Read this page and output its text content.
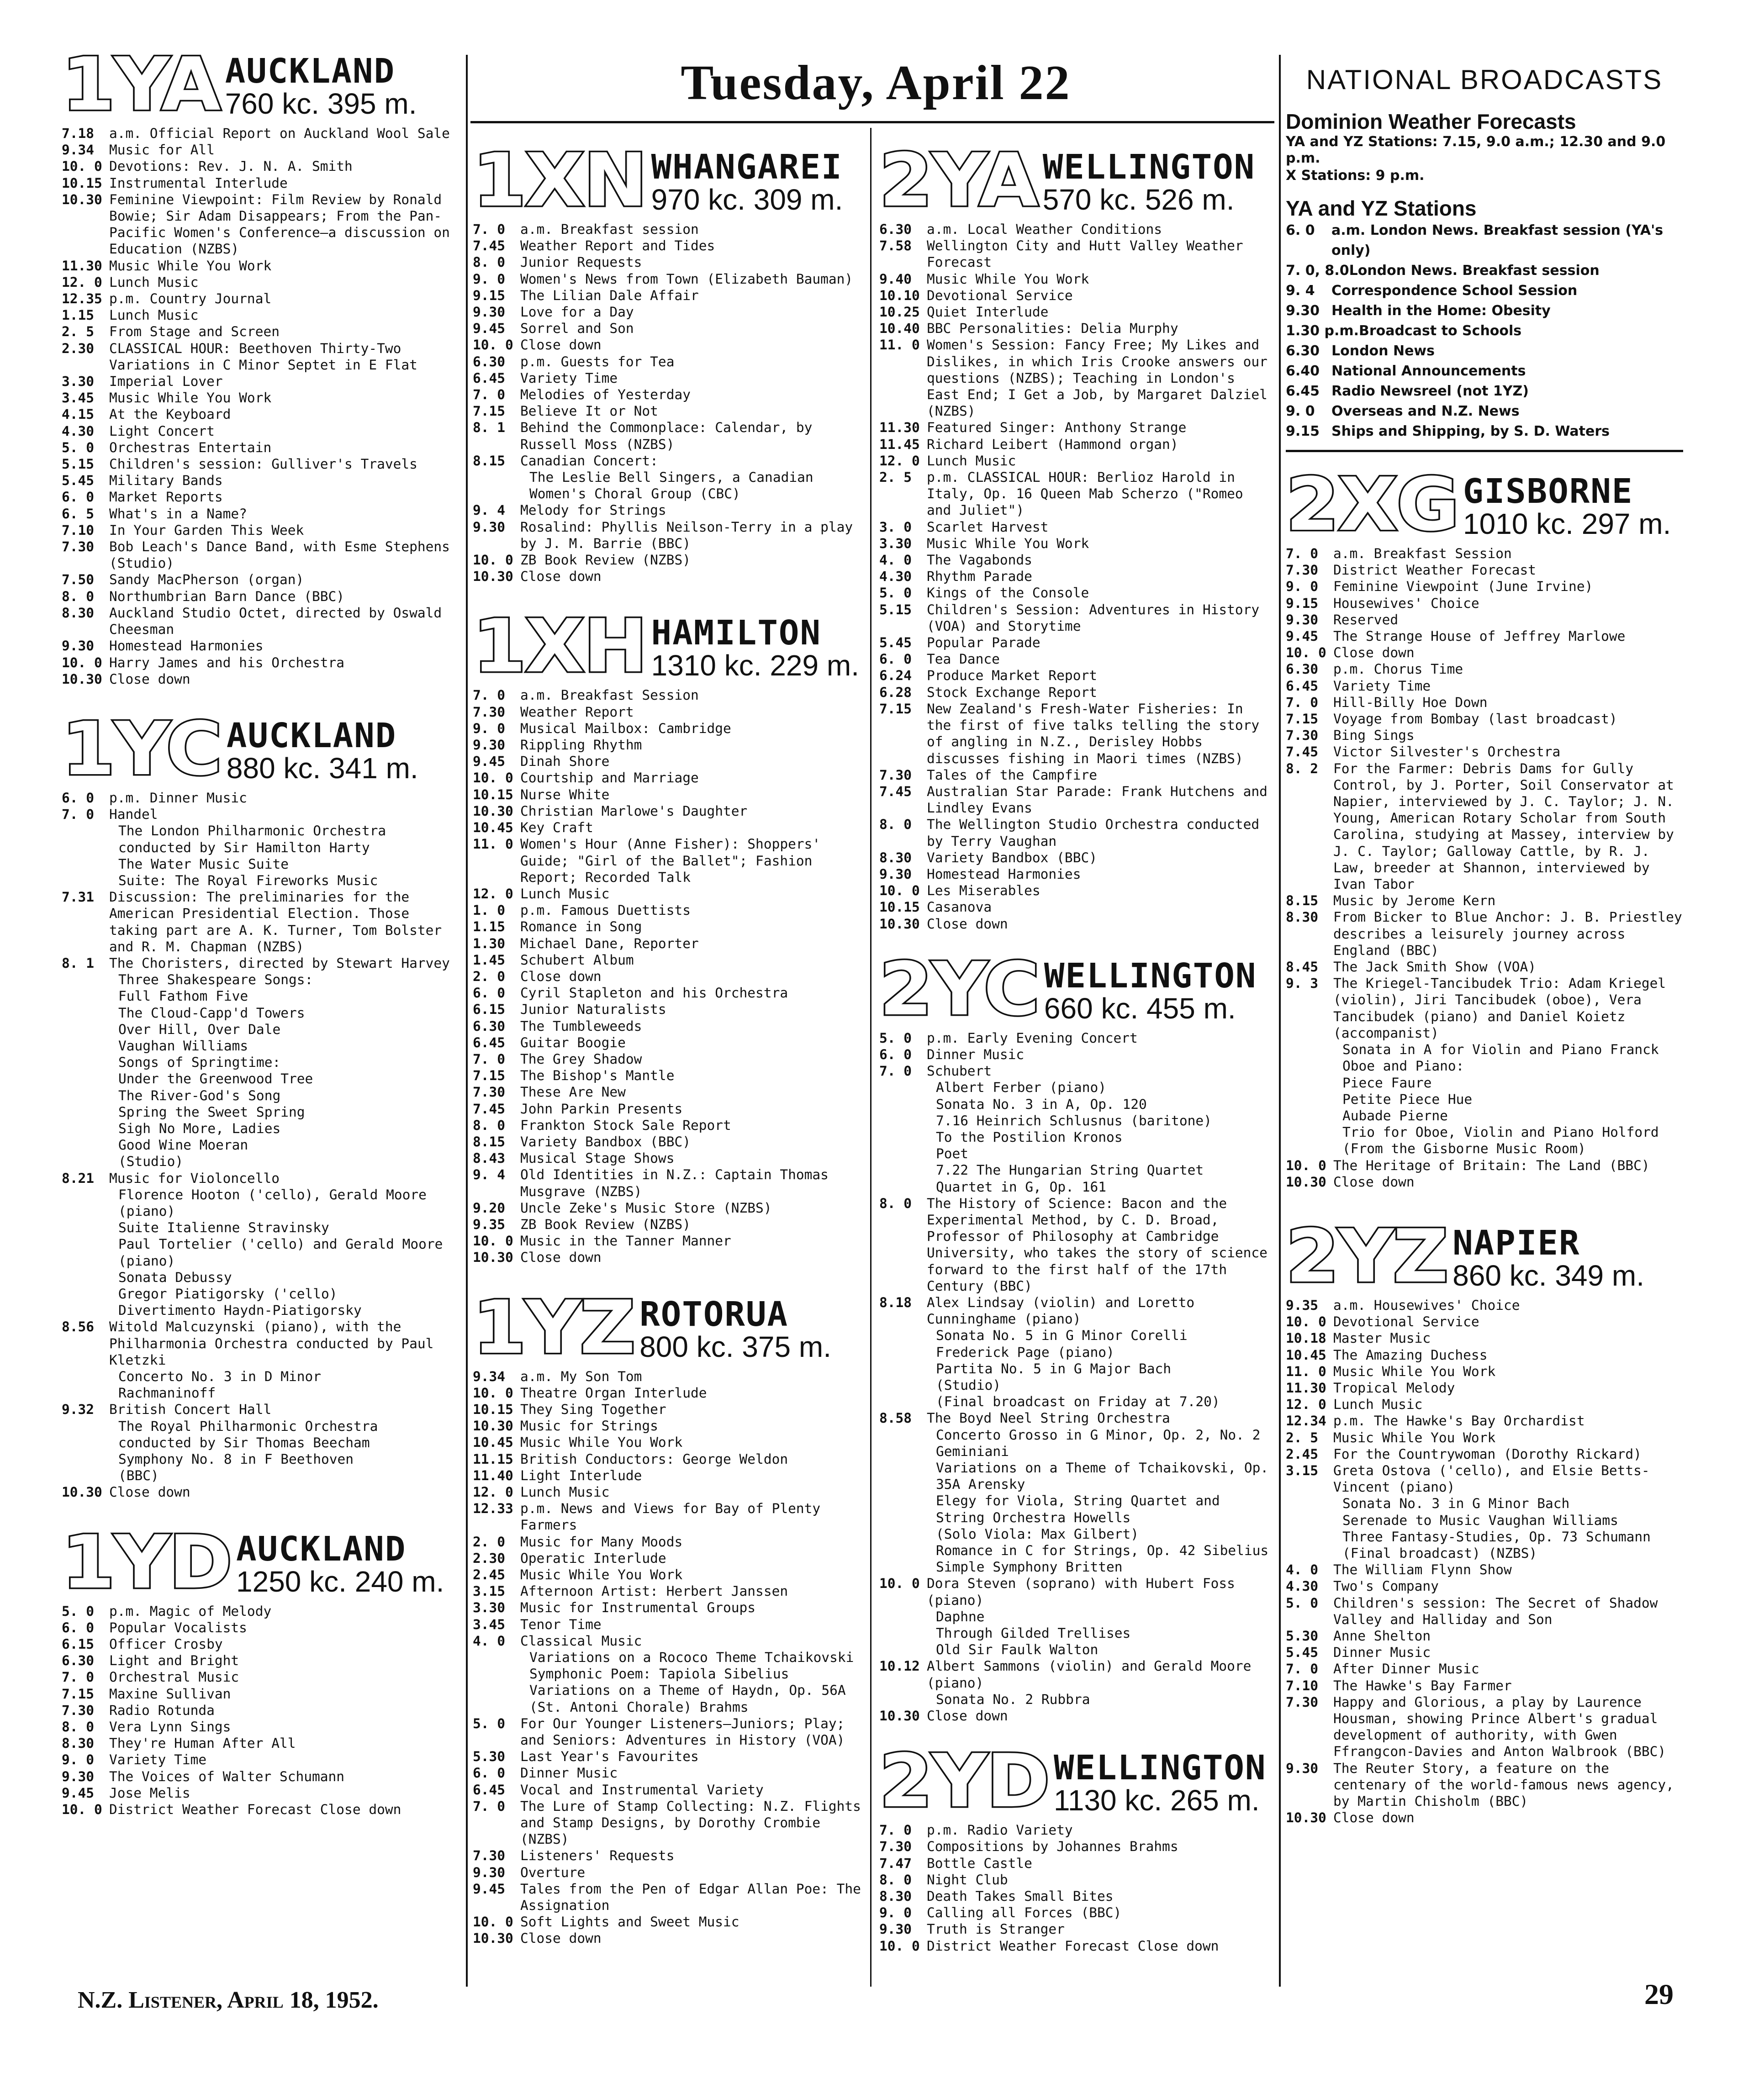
1YA AUCKLAND
760 kc. 395 m.
7.18	a.m. Official Report on Auckland Wool Sale
9.34	Music for All
10. 0 Devotions: Rev. J. N. A. Smith
10.15 Instrumental Interlude
10.30 Feminine Viewpoint: Film Review by Ronald Bowie; Sir Adam Disappears; From the Pan-Pacific Women's Conference—a discussion on Education (NZBS)
11.30 Music While You Work
12. 0 Lunch Music
12.35 p.m. Country Journal
1.15	Lunch Music
2. 5	From Stage and Screen
2.30	CLASSICAL HOUR: Beethoven Thirty-Two Variations in C Minor Septet in E Flat
3.30	Imperial Lover
3.45	Music While You Work
4.15	At the Keyboard
4.30	Light Concert
5. 0	Orchestras Entertain
5.15	Children's session: Gulliver's Travels
5.45	Military Bands
6. 0	Market Reports
6. 5	What's in a Name?
7.10	In Your Garden This Week
7.30	Bob Leach's Dance Band, with Esme Stephens (Studio)
7.50	Sandy MacPherson (organ)
8. 0	Northumbrian Barn Dance (BBC)
8.30	Auckland Studio Octet, directed by Oswald Cheesman
9.30	Homestead Harmonies
10. 0 Harry James and his Orchestra
10.30 Close down
1YC AUCKLAND
880 kc. 341 m.
6. 0	p.m. Dinner Music
7. 0	Handel
The London Philharmonic Orchestra conducted by Sir Hamilton Harty
The Water Music Suite
Suite: The Royal Fireworks Music
7.31	Discussion: The preliminaries for the American Presidential Election. Those taking part are A. K. Turner, Tom Bolster and R. M. Chapman (NZBS)
8. 1	The Choristers, directed by Stewart Harvey
Three Shakespeare Songs:
Full Fathom Five
The Cloud-Capp'd Towers
Over Hill, Over Dale
Vaughan Williams
Songs of Springtime:
Under the Greenwood Tree
The River-God's Song
Spring the Sweet Spring
Sigh No More, Ladies
Good Wine Moeran
(Studio)
8.21	Music for Violoncello
Florence Hooton ('cello), Gerald Moore (piano)
Suite Italienne Stravinsky
Paul Tortelier ('cello) and Gerald Moore (piano)
Sonata Debussy
Gregor Piatigorsky ('cello)
Divertimento Haydn-Piatigorsky
8.56	Witold Malcuzynski (piano), with the Philharmonia Orchestra conducted by Paul Kletzki
Concerto No. 3 in D Minor
Rachmaninoff
9.32	British Concert Hall
The Royal Philharmonic Orchestra conducted by Sir Thomas Beecham
Symphony No. 8 in F Beethoven
(BBC)
10.30 Close down
1YD AUCKLAND
1250 kc. 240 m.
5. 0	p.m. Magic of Melody
6. 0	Popular Vocalists
6.15	Officer Crosby
6.30	Light and Bright
7. 0	Orchestral Music
7.15	Maxine Sullivan
7.30	Radio Rotunda
8. 0	Vera Lynn Sings
8.30	They're Human After All
9. 0	Variety Time
9.30	The Voices of Walter Schumann
9.45	Jose Melis
10. 0 District Weather Forecast Close down
Tuesday, April 22
1XN WHANGAREI
970 kc. 309 m.
7. 0	a.m. Breakfast session
7.45	Weather Report and Tides
8. 0	Junior Requests
9. 0	Women's News from Town (Elizabeth Bauman)
9.15	The Lilian Dale Affair
9.30	Love for a Day
9.45	Sorrel and Son
10. 0 Close down
6.30	p.m. Guests for Tea
6.45	Variety Time
7. 0	Melodies of Yesterday
7.15	Believe It or Not
8. 1	Behind the Commonplace: Calendar, by Russell Moss (NZBS)
8.15	Canadian Concert:
The Leslie Bell Singers, a Canadian Women's Choral Group (CBC)
9. 4	Melody for Strings
9.30	Rosalind: Phyllis Neilson-Terry in a play by J. M. Barrie (BBC)
10. 0 ZB Book Review (NZBS)
10.30 Close down
1XH HAMILTON
1310 kc. 229 m.
7. 0	a.m. Breakfast Session
7.30	Weather Report
9. 0	Musical Mailbox: Cambridge
9.30	Rippling Rhythm
9.45	Dinah Shore
10. 0 Courtship and Marriage
10.15 Nurse White
10.30 Christian Marlowe's Daughter
10.45 Key Craft
11. 0 Women's Hour (Anne Fisher): Shoppers' Guide; "Girl of the Ballet"; Fashion Report; Recorded Talk
12. 0 Lunch Music
1. 0	p.m. Famous Duettists
1.15	Romance in Song
1.30	Michael Dane, Reporter
1.45	Schubert Album
2. 0	Close down
6. 0	Cyril Stapleton and his Orchestra
6.15	Junior Naturalists
6.30	The Tumbleweeds
6.45	Guitar Boogie
7. 0	The Grey Shadow
7.15	The Bishop's Mantle
7.30	These Are New
7.45	John Parkin Presents
8. 0	Frankton Stock Sale Report
8.15	Variety Bandbox (BBC)
8.43	Musical Stage Shows
9. 4	Old Identities in N.Z.: Captain Thomas Musgrave (NZBS)
9.20	Uncle Zeke's Music Store (NZBS)
9.35	ZB Book Review (NZBS)
10. 0 Music in the Tanner Manner
10.30 Close down
1YZ ROTORUA
800 kc. 375 m.
9.34	a.m. My Son Tom
10. 0 Theatre Organ Interlude
10.15 They Sing Together
10.30 Music for Strings
10.45 Music While You Work
11.15 British Conductors: George Weldon
11.40 Light Interlude
12. 0 Lunch Music
12.33 p.m. News and Views for Bay of Plenty Farmers
2. 0	Music for Many Moods
2.30	Operatic Interlude
2.45	Music While You Work
3.15	Afternoon Artist: Herbert Janssen
3.30	Music for Instrumental Groups
3.45	Tenor Time
4. 0	Classical Music
Variations on a Rococo Theme Tchaikovski
Symphonic Poem: Tapiola Sibelius
Variations on a Theme of Haydn, Op. 56A (St. Antoni Chorale) Brahms
5. 0	For Our Younger Listeners—Juniors; Play; and Seniors: Adventures in History (VOA)
5.30	Last Year's Favourites
6. 0	Dinner Music
6.45	Vocal and Instrumental Variety
7. 0	The Lure of Stamp Collecting: N.Z. Flights and Stamp Designs, by Dorothy Crombie (NZBS)
7.30	Listeners' Requests
9.30	Overture
9.45	Tales from the Pen of Edgar Allan Poe: The Assignation
10. 0 Soft Lights and Sweet Music
10.30 Close down
2YA WELLINGTON
570 kc. 526 m.
6.30	a.m. Local Weather Conditions
7.58	Wellington City and Hutt Valley Weather Forecast
9.40	Music While You Work
10.10 Devotional Service
10.25 Quiet Interlude
10.40 BBC Personalities: Delia Murphy
11. 0 Women's Session: Fancy Free; My Likes and Dislikes, in which Iris Crooke answers our questions (NZBS); Teaching in London's East End; I Get a Job, by Margaret Dalziel (NZBS)
11.30 Featured Singer: Anthony Strange
11.45 Richard Leibert (Hammond organ)
12. 0 Lunch Music
2. 5	p.m. CLASSICAL HOUR: Berlioz Harold in Italy, Op. 16 Queen Mab Scherzo ("Romeo and Juliet")
3. 0	Scarlet Harvest
3.30	Music While You Work
4. 0	The Vagabonds
4.30	Rhythm Parade
5. 0	Kings of the Console
5.15	Children's Session: Adventures in History (VOA) and Storytime
5.45	Popular Parade
6. 0	Tea Dance
6.24	Produce Market Report
6.28	Stock Exchange Report
7.15	New Zealand's Fresh-Water Fisheries: In the first of five talks telling the story of angling in N.Z., Derisley Hobbs discusses fishing in Maori times (NZBS)
7.30	Tales of the Campfire
7.45	Australian Star Parade: Frank Hutchens and Lindley Evans
8. 0	The Wellington Studio Orchestra conducted by Terry Vaughan
8.30	Variety Bandbox (BBC)
9.30	Homestead Harmonies
10. 0 Les Miserables
10.15 Casanova
10.30 Close down
2YC WELLINGTON
660 kc. 455 m.
5. 0	p.m. Early Evening Concert
6. 0	Dinner Music
7. 0	Schubert
Albert Ferber (piano)
Sonata No. 3 in A, Op. 120
7.16 Heinrich Schlusnus (baritone)
To the Postilion Kronos
Poet
7.22 The Hungarian String Quartet
Quartet in G, Op. 161
8. 0	The History of Science: Bacon and the Experimental Method, by C. D. Broad, Professor of Philosophy at Cambridge University, who takes the story of science forward to the first half of the 17th Century (BBC)
8.18	Alex Lindsay (violin) and Loretto Cunninghame (piano)
Sonata No. 5 in G Minor Corelli
Frederick Page (piano)
Partita No. 5 in G Major Bach
(Studio)
(Final broadcast on Friday at 7.20)
8.58	The Boyd Neel String Orchestra
Concerto Grosso in G Minor, Op. 2, No. 2 Geminiani
Variations on a Theme of Tchaikovski, Op. 35A Arensky
Elegy for Viola, String Quartet and String Orchestra Howells
(Solo Viola: Max Gilbert)
Romance in C for Strings, Op. 42 Sibelius
Simple Symphony Britten
10. 0 Dora Steven (soprano) with Hubert Foss (piano)
Daphne
Through Gilded Trellises
Old Sir Faulk Walton
10.12 Albert Sammons (violin) and Gerald Moore (piano)
Sonata No. 2 Rubbra
10.30 Close down
2YD WELLINGTON
1130 kc. 265 m.
7. 0	p.m. Radio Variety
7.30	Compositions by Johannes Brahms
7.47	Bottle Castle
8. 0	Night Club
8.30	Death Takes Small Bites
9. 0	Calling all Forces (BBC)
9.30	Truth is Stranger
10. 0 District Weather Forecast Close down
NATIONAL BROADCASTS
Dominion Weather Forecasts
YA and YZ Stations: 7.15, 9.0 a.m.; 12.30 and 9.0 p.m.
X Stations: 9 p.m.
YA and YZ Stations
6. 0	a.m. London News. Breakfast session (YA's only)
7. 0, 8.0 London News. Breakfast session
9. 4	Correspondence School Session
9.30 Health in the Home: Obesity
1.30 p.m. Broadcast to Schools
6.30 London News
6.40 National Announcements
6.45 Radio Newsreel (not 1YZ)
9. 0	Overseas and N.Z. News
9.15 Ships and Shipping, by S. D. Waters
2XG GISBORNE
1010 kc. 297 m.
7. 0	a.m. Breakfast Session
7.30	District Weather Forecast
9. 0	Feminine Viewpoint (June Irvine)
9.15	Housewives' Choice
9.30	Reserved
9.45	The Strange House of Jeffrey Marlowe
10. 0 Close down
6.30	p.m. Chorus Time
6.45	Variety Time
7. 0	Hill-Billy Hoe Down
7.15	Voyage from Bombay (last broadcast)
7.30	Bing Sings
7.45	Victor Silvester's Orchestra
8. 2	For the Farmer: Debris Dams for Gully Control, by J. Porter, Soil Conservator at Napier, interviewed by J. C. Taylor; J. N. Young, American Rotary Scholar from South Carolina, studying at Massey, interview by J. C. Taylor; Galloway Cattle, by R. J. Law, breeder at Shannon, interviewed by Ivan Tabor
8.15	Music by Jerome Kern
8.30	From Bicker to Blue Anchor: J. B. Priestley describes a leisurely journey across England (BBC)
8.45	The Jack Smith Show (VOA)
9. 3	The Kriegel-Tancibudek Trio: Adam Kriegel (violin), Jiri Tancibudek (oboe), Vera Tancibudek (piano) and Daniel Koietz (accompanist)
Sonata in A for Violin and Piano Franck
Oboe and Piano:
Piece Faure
Petite Piece Hue
Aubade Pierne
Trio for Oboe, Violin and Piano Holford
(From the Gisborne Music Room)
10. 0 The Heritage of Britain: The Land (BBC)
10.30 Close down
2YZ NAPIER
860 kc. 349 m.
9.35	a.m. Housewives' Choice
10. 0 Devotional Service
10.18 Master Music
10.45 The Amazing Duchess
11. 0 Music While You Work
11.30 Tropical Melody
12. 0 Lunch Music
12.34 p.m. The Hawke's Bay Orchardist
2. 5	Music While You Work
2.45	For the Countrywoman (Dorothy Rickard)
3.15	Greta Ostova ('cello), and Elsie Betts-Vincent (piano)
Sonata No. 3 in G Minor Bach
Serenade to Music Vaughan Williams
Three Fantasy-Studies, Op. 73 Schumann
(Final broadcast) (NZBS)
4. 0	The William Flynn Show
4.30	Two's Company
5. 0	Children's session: The Secret of Shadow Valley and Halliday and Son
5.30	Anne Shelton
5.45	Dinner Music
7. 0	After Dinner Music
7.10	The Hawke's Bay Farmer
7.30	Happy and Glorious, a play by Laurence Housman, showing Prince Albert's gradual development of authority, with Gwen Ffrangcon-Davies and Anton Walbrook (BBC)
9.30	The Reuter Story, a feature on the centenary of the world-famous news agency, by Martin Chisholm (BBC)
10.30 Close down
N.Z. Listener, April 18, 1952.	29
